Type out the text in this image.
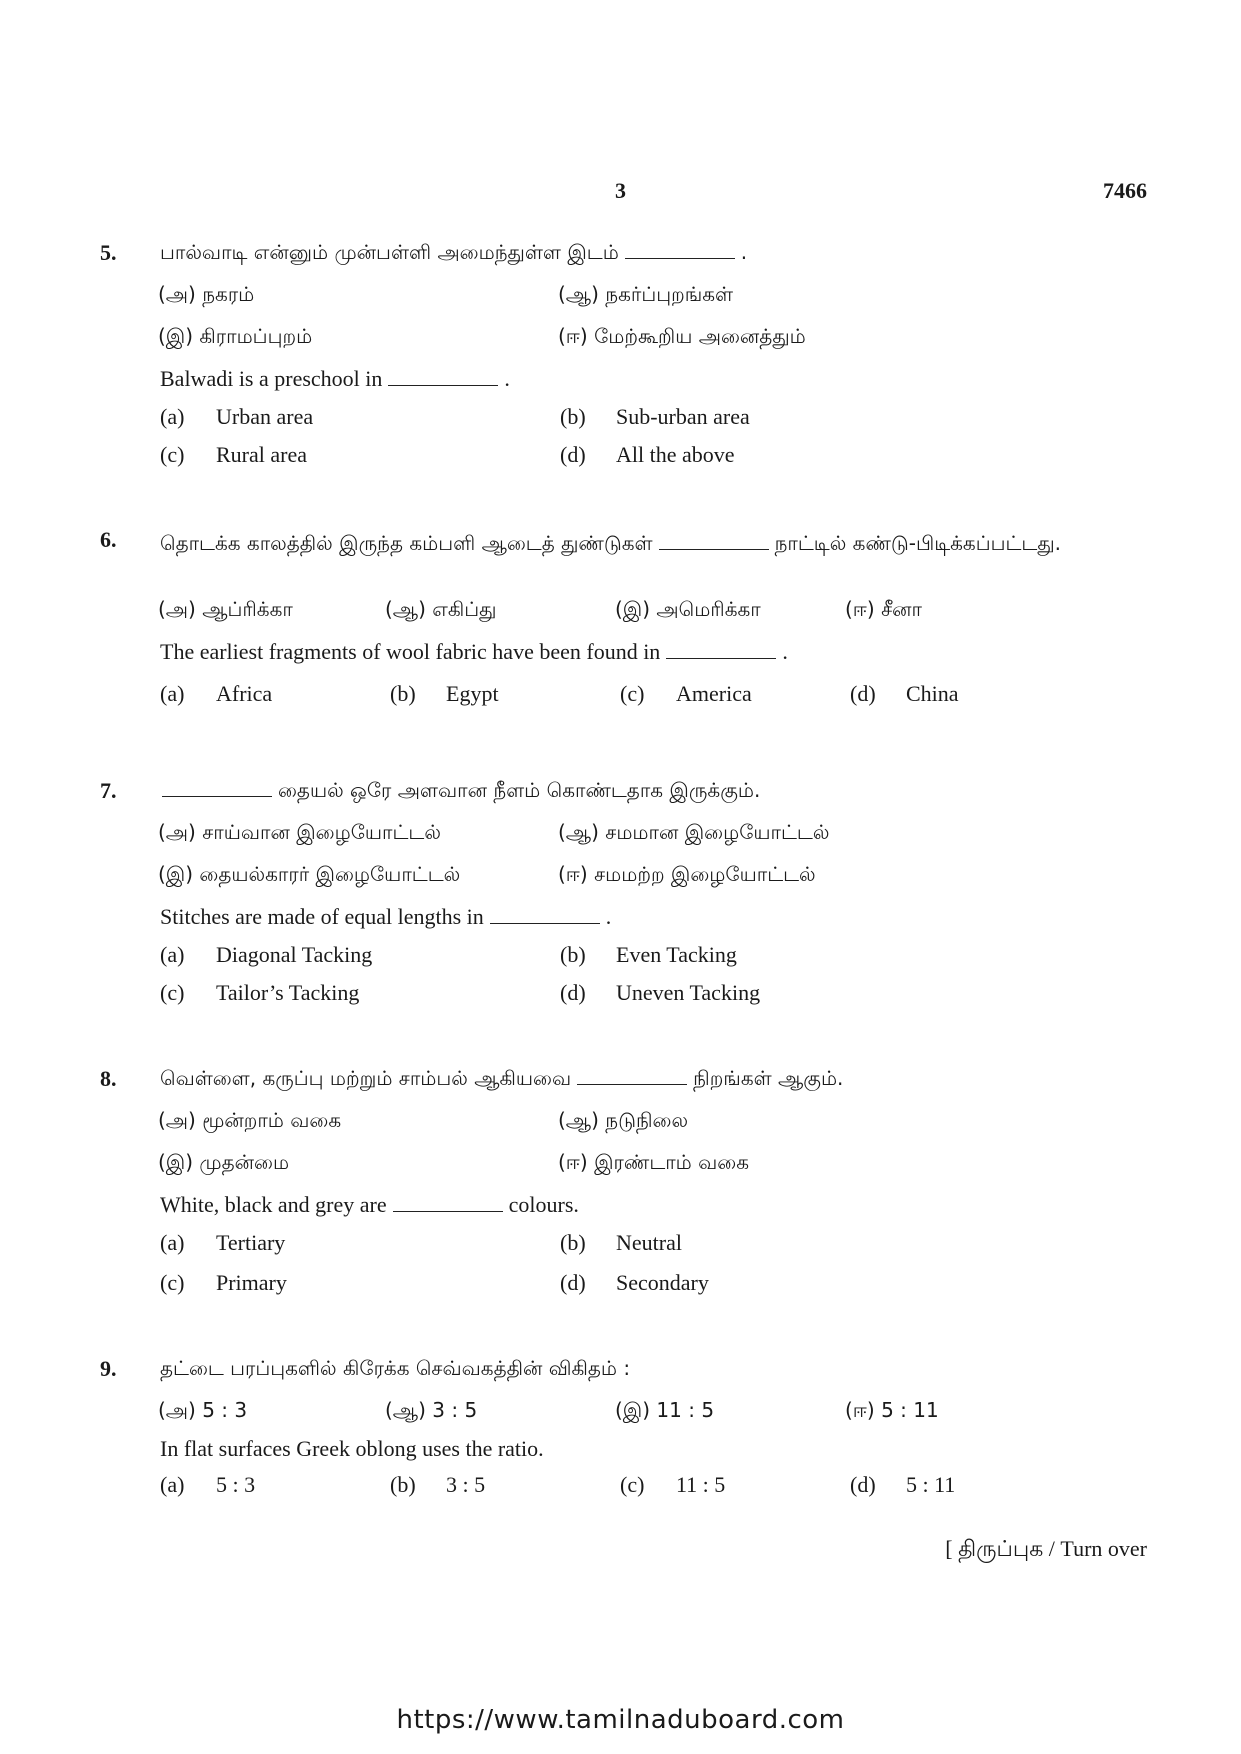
3	7466
5. பால்வாடி என்னும் முன்பள்ளி அமைந்துள்ள இடம்	.
(அ) நகரம்	(ஆ) நகர்ப்புறங்கள்
(இ) கிராமப்புறம்	(ஈ) மேற்கூறிய அனைத்தும்
Balwadi is a preschool in	.
(a) Urban area	(b) Sub-urban area
(c) Rural area	(d) All the above
6. தொடக்க காலத்தில் இருந்த கம்பளி ஆடைத் துண்டுகள்	நாட்டில் கண்டு-பிடிக்கப்பட்டது.
(அ) ஆப்ரிக்கா	(ஆ) எகிப்து	(இ) அமெரிக்கா	(ஈ) சீனா
The earliest fragments of wool fabric have been found in	.
(a) Africa	(b) Egypt	(c) America	(d) China
7.	தையல் ஒரே அளவான நீளம் கொண்டதாக இருக்கும்.
(அ) சாய்வான இழையோட்டல்	(ஆ) சமமான இழையோட்டல்
(இ) தையல்காரர் இழையோட்டல்	(ஈ) சமமற்ற இழையோட்டல்
Stitches are made of equal lengths in	.
(a) Diagonal Tacking	(b) Even Tacking
(c) Tailor’s Tacking	(d) Uneven Tacking
8. வெள்ளை, கருப்பு மற்றும் சாம்பல் ஆகியவை	நிறங்கள் ஆகும்.
(அ) மூன்றாம் வகை	(ஆ) நடுநிலை
(இ) முதன்மை	(ஈ) இரண்டாம் வகை
White, black and grey are	colours.
(a) Tertiary	(b) Neutral
(c) Primary	(d) Secondary
9. தட்டை பரப்புகளில் கிரேக்க செவ்வகத்தின் விகிதம் :
(அ) 5 : 3	(ஆ) 3 : 5	(இ) 11 : 5	(ஈ) 5 : 11
In flat surfaces Greek oblong uses the ratio.
(a) 5 : 3	(b) 3 : 5	(c) 11 : 5	(d) 5 : 11
[ திருப்புக / Turn over
https://www.tamilnaduboard.com
